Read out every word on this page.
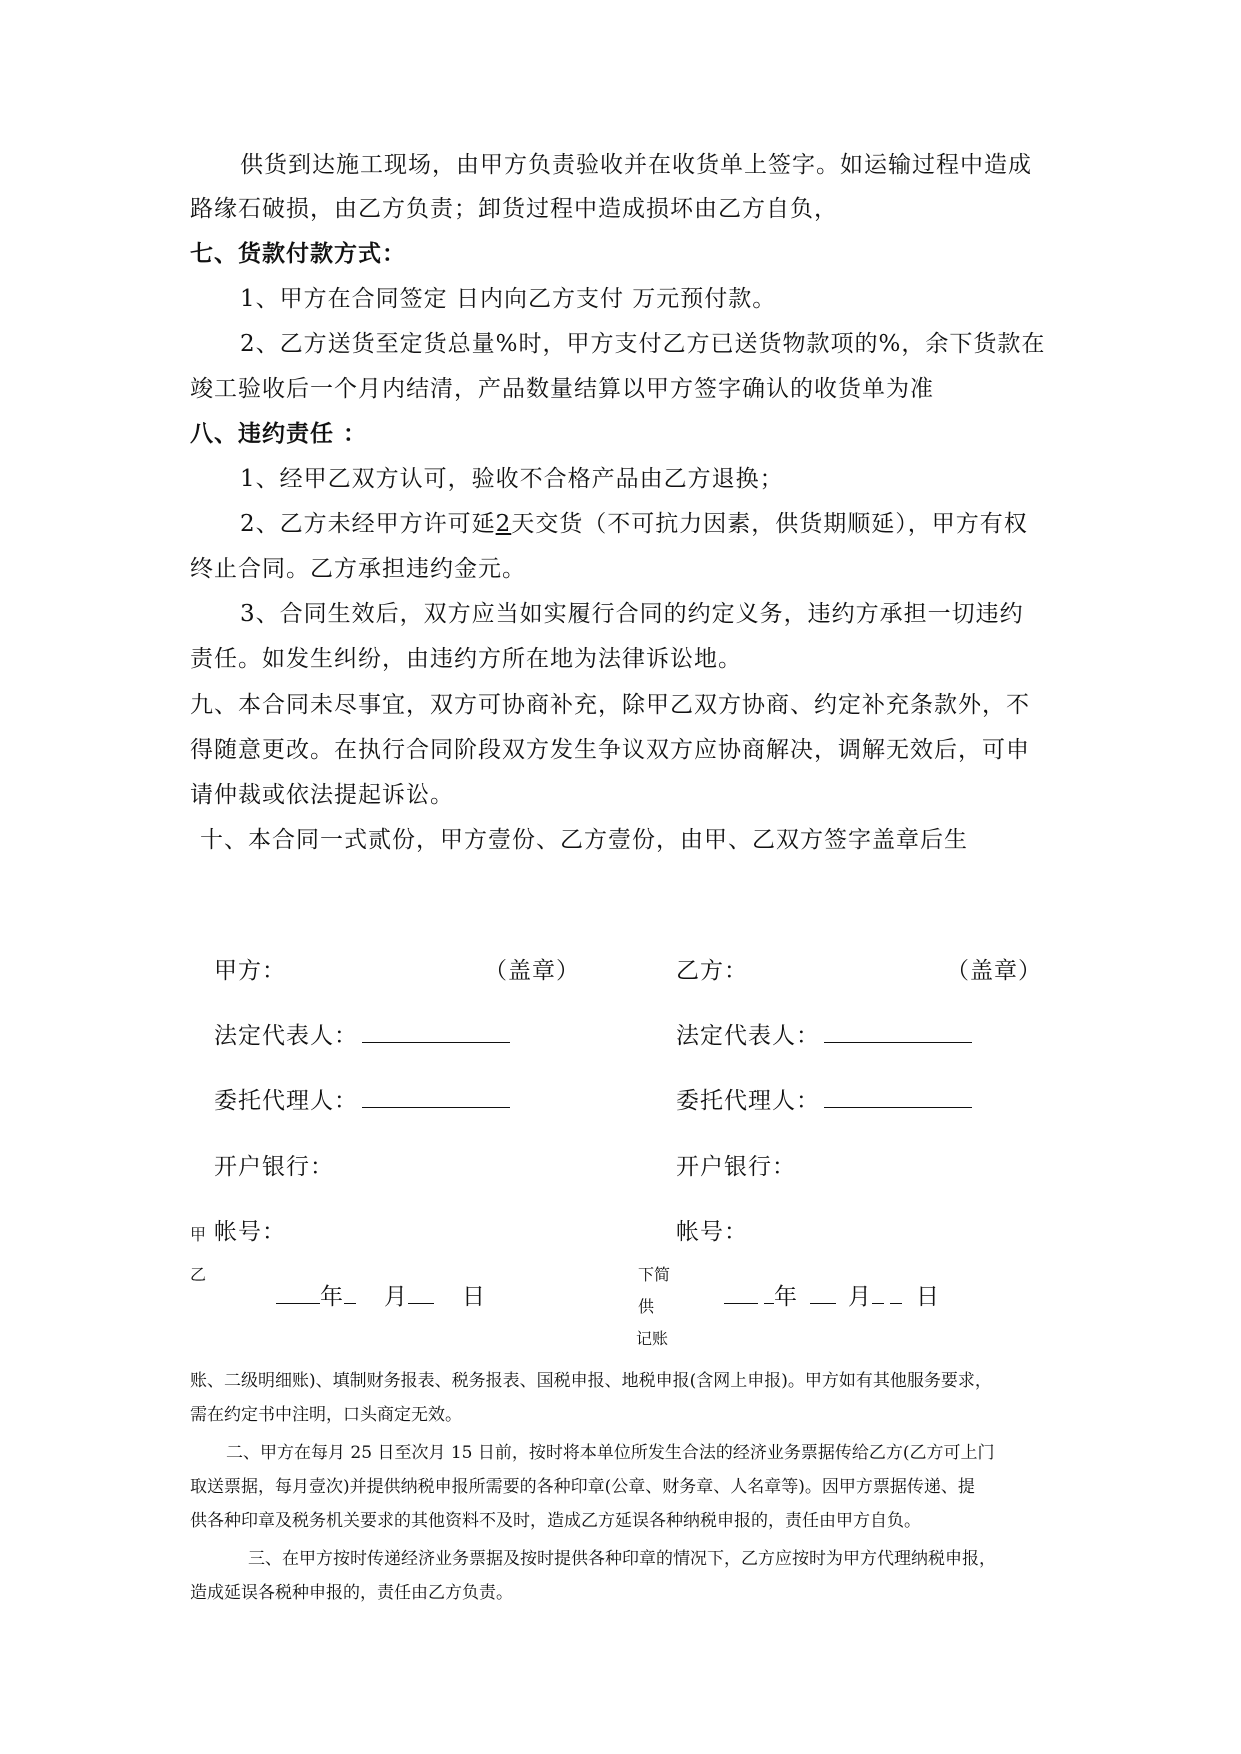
供货到达施工现场，由甲方负责验收并在收货单上签字。如运输过程中造成
路缘石破损，由乙方负责；卸货过程中造成损坏由乙方自负，
七、货款付款方式：
1、甲方在合同签定 日内向乙方支付 万元预付款。
2、乙方送货至定货总量%时，甲方支付乙方已送货物款项的%，余下货款在
竣工验收后一个月内结清，产品数量结算以甲方签字确认的收货单为准
八、违约责任 ：
1、经甲乙双方认可，验收不合格产品由乙方退换；
2、乙方未经甲方许可延2天交货（不可抗力因素，供货期顺延），甲方有权
终止合同。乙方承担违约金元。
3、合同生效后，双方应当如实履行合同的约定义务，违约方承担一切违约
责任。如发生纠纷，由违约方所在地为法律诉讼地。
九、本合同未尽事宜，双方可协商补充，除甲乙双方协商、约定补充条款外，不
得随意更改。在执行合同阶段双方发生争议双方应协商解决，调解无效后，可申
请仲裁或依法提起诉讼。
十、本合同一式贰份，甲方壹份、乙方壹份，由甲、乙双方签字盖章后生
甲方：	（盖章）
法定代表人：
委托代理人：
开户银行：
帐号：
年 月 日
乙方：	（盖章）
法定代表人：
委托代理人：
开户银行：
帐号：
年 月 日
甲
乙	下简
供
记账
账、二级明细账)、填制财务报表、税务报表、国税申报、地税申报(含网上申报)。甲方如有其他服务要求，
需在约定书中注明，口头商定无效。
二、甲方在每月 25 日至次月 15 日前，按时将本单位所发生合法的经济业务票据传给乙方(乙方可上门
取送票据，每月壹次)并提供纳税申报所需要的各种印章(公章、财务章、人名章等)。因甲方票据传递、提
供各种印章及税务机关要求的其他资料不及时，造成乙方延误各种纳税申报的，责任由甲方自负。
三、在甲方按时传递经济业务票据及按时提供各种印章的情况下，乙方应按时为甲方代理纳税申报，
造成延误各税种申报的，责任由乙方负责。
